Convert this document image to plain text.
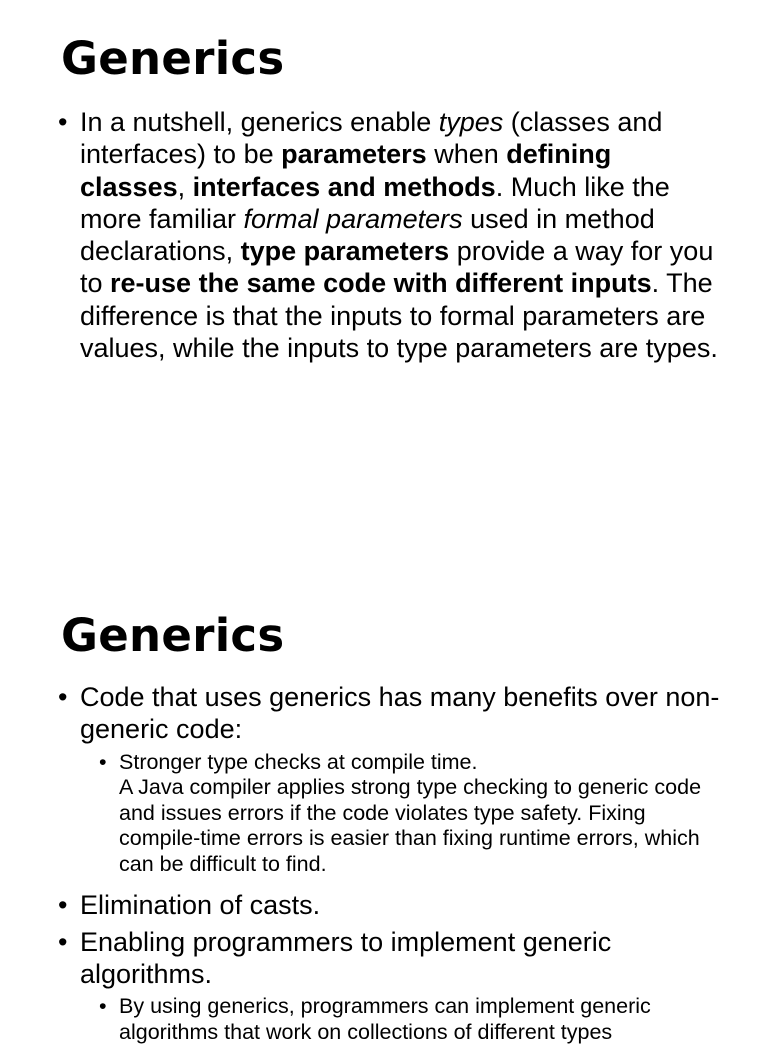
Generics
• In a nutshell, generics enable types (classes and interfaces) to be parameters when defining classes, interfaces and methods. Much like the more familiar formal parameters used in method declarations, type parameters provide a way for you to re-use the same code with different inputs. The difference is that the inputs to formal parameters are values, while the inputs to type parameters are types.
Generics
• Code that uses generics has many benefits over non-generic code:
• Stronger type checks at compile time.
A Java compiler applies strong type checking to generic code and issues errors if the code violates type safety. Fixing compile-time errors is easier than fixing runtime errors, which can be difficult to find.
• Elimination of casts.
• Enabling programmers to implement generic algorithms.
• By using generics, programmers can implement generic algorithms that work on collections of different types
